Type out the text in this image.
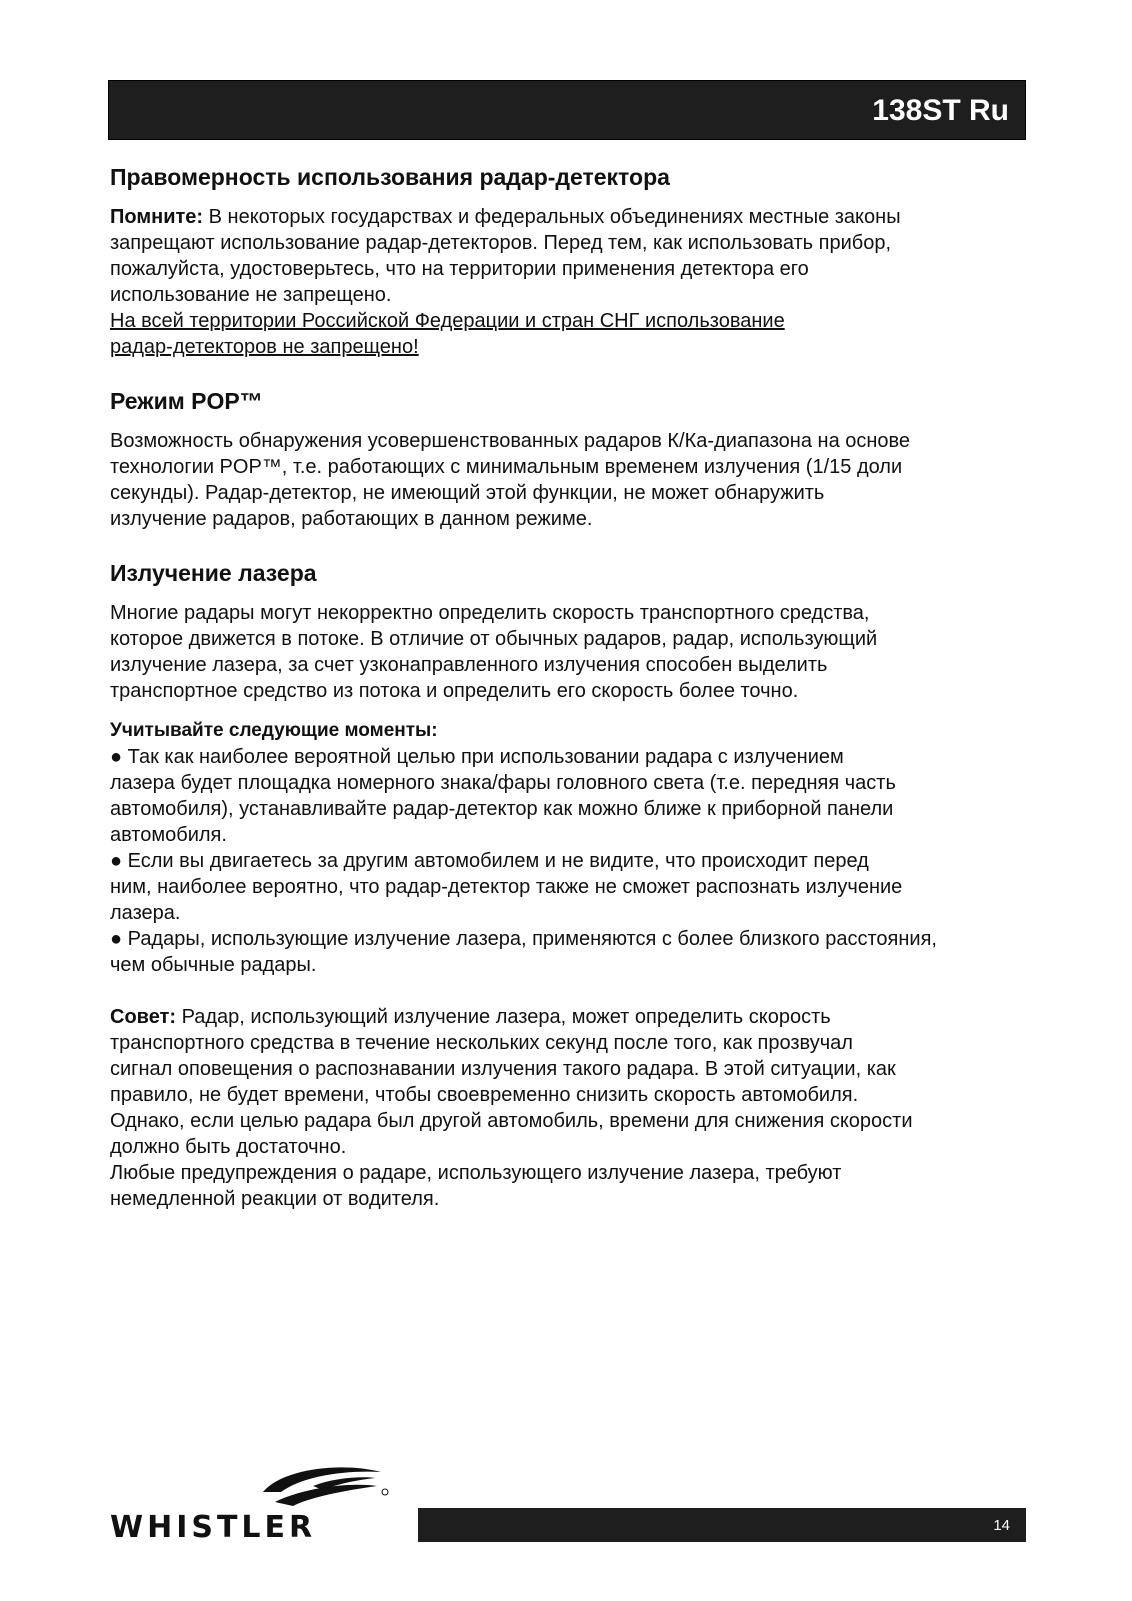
138ST Ru
Правомерность использования радар-детектора

Помните: В некоторых государствах и федеральных объединениях местные законы

запрещают использование радар-детекторов. Перед тем, как использовать прибор,

пожалуйста, удостоверьтесь, что на территории применения детектора его

использование не запрещено.

На всей территории Российской Федерации и стран СНГ использование

радар-детекторов не запрещено!

Режим POP™

Возможность обнаружения усовершенствованных радаров К/Ка-диапазона на основе

технологии POP™, т.е. работающих с минимальным временем излучения (1/15 доли

секунды). Радар-детектор, не имеющий этой функции, не может обнаружить

излучение радаров, работающих в данном режиме.

Излучение лазера

Многие радары могут некорректно определить скорость транспортного средства,

которое движется в потоке. В отличие от обычных радаров, радар, использующий

излучение лазера, за счет узконаправленного излучения способен выделить

транспортное средство из потока и определить его скорость более точно.

Учитывайте следующие моменты:

● Так как наиболее вероятной целью при использовании радара с излучением

лазера будет площадка номерного знака/фары головного света (т.е. передняя часть

автомобиля), устанавливайте радар-детектор как можно ближе к приборной панели

автомобиля.

● Если вы двигаетесь за другим автомобилем и не видите, что происходит перед

ним, наиболее вероятно, что радар-детектор также не сможет распознать излучение

лазера.

● Радары, использующие излучение лазера, применяются с более близкого расстояния,

чем обычные радары.

Совет: Радар, использующий излучение лазера, может определить скорость

транспортного средства в течение нескольких секунд после того, как прозвучал

сигнал оповещения о распознавании излучения такого радара. В этой ситуации, как

правило, не будет времени, чтобы своевременно снизить скорость автомобиля.

Однако, если целью радара был другой автомобиль, времени для снижения скорости

должно быть достаточно.

Любые предупреждения о радаре, использующего излучение лазера, требуют

немедленной реакции от водителя.

WHISTLER	14
